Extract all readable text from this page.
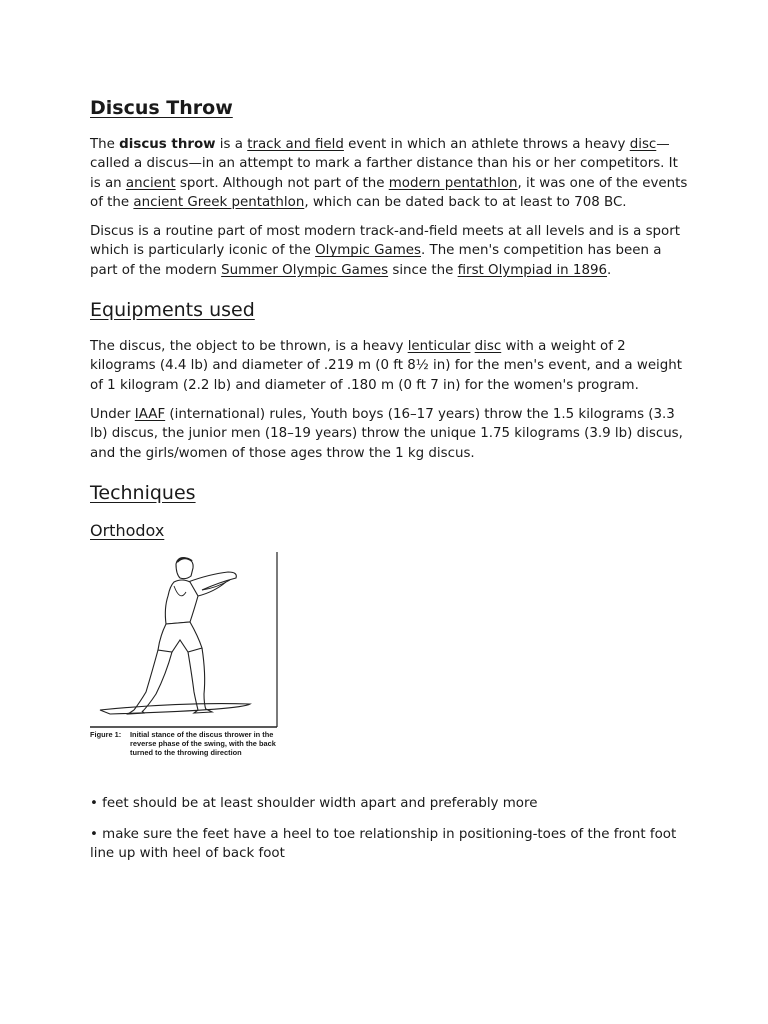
Discus Throw

The discus throw is a track and field event in which an athlete throws a heavy disc—called a discus—in an attempt to mark a farther distance than his or her competitors. It is an ancient sport. Although not part of the modern pentathlon, it was one of the events of the ancient Greek pentathlon, which can be dated back to at least to 708 BC.

Discus is a routine part of most modern track-and-field meets at all levels and is a sport which is particularly iconic of the Olympic Games. The men's competition has been a part of the modern Summer Olympic Games since the first Olympiad in 1896.

Equipments used

The discus, the object to be thrown, is a heavy lenticular disc with a weight of 2 kilograms (4.4 lb) and diameter of .219 m (0 ft 8½ in) for the men's event, and a weight of 1 kilogram (2.2 lb) and diameter of .180 m (0 ft 7 in) for the women's program.

Under IAAF (international) rules, Youth boys (16–17 years) throw the 1.5 kilograms (3.3 lb) discus, the junior men (18–19 years) throw the unique 1.75 kilograms (3.9 lb) discus, and the girls/women of those ages throw the 1 kg discus.

Techniques
Orthodox
Figure 1: Initial stance of the discus thrower in the reverse phase of the swing, with the back turned to the throwing direction

• feet should be at least shoulder width apart and preferably more

• make sure the feet have a heel to toe relationship in positioning-toes of the front foot line up with heel of back foot
